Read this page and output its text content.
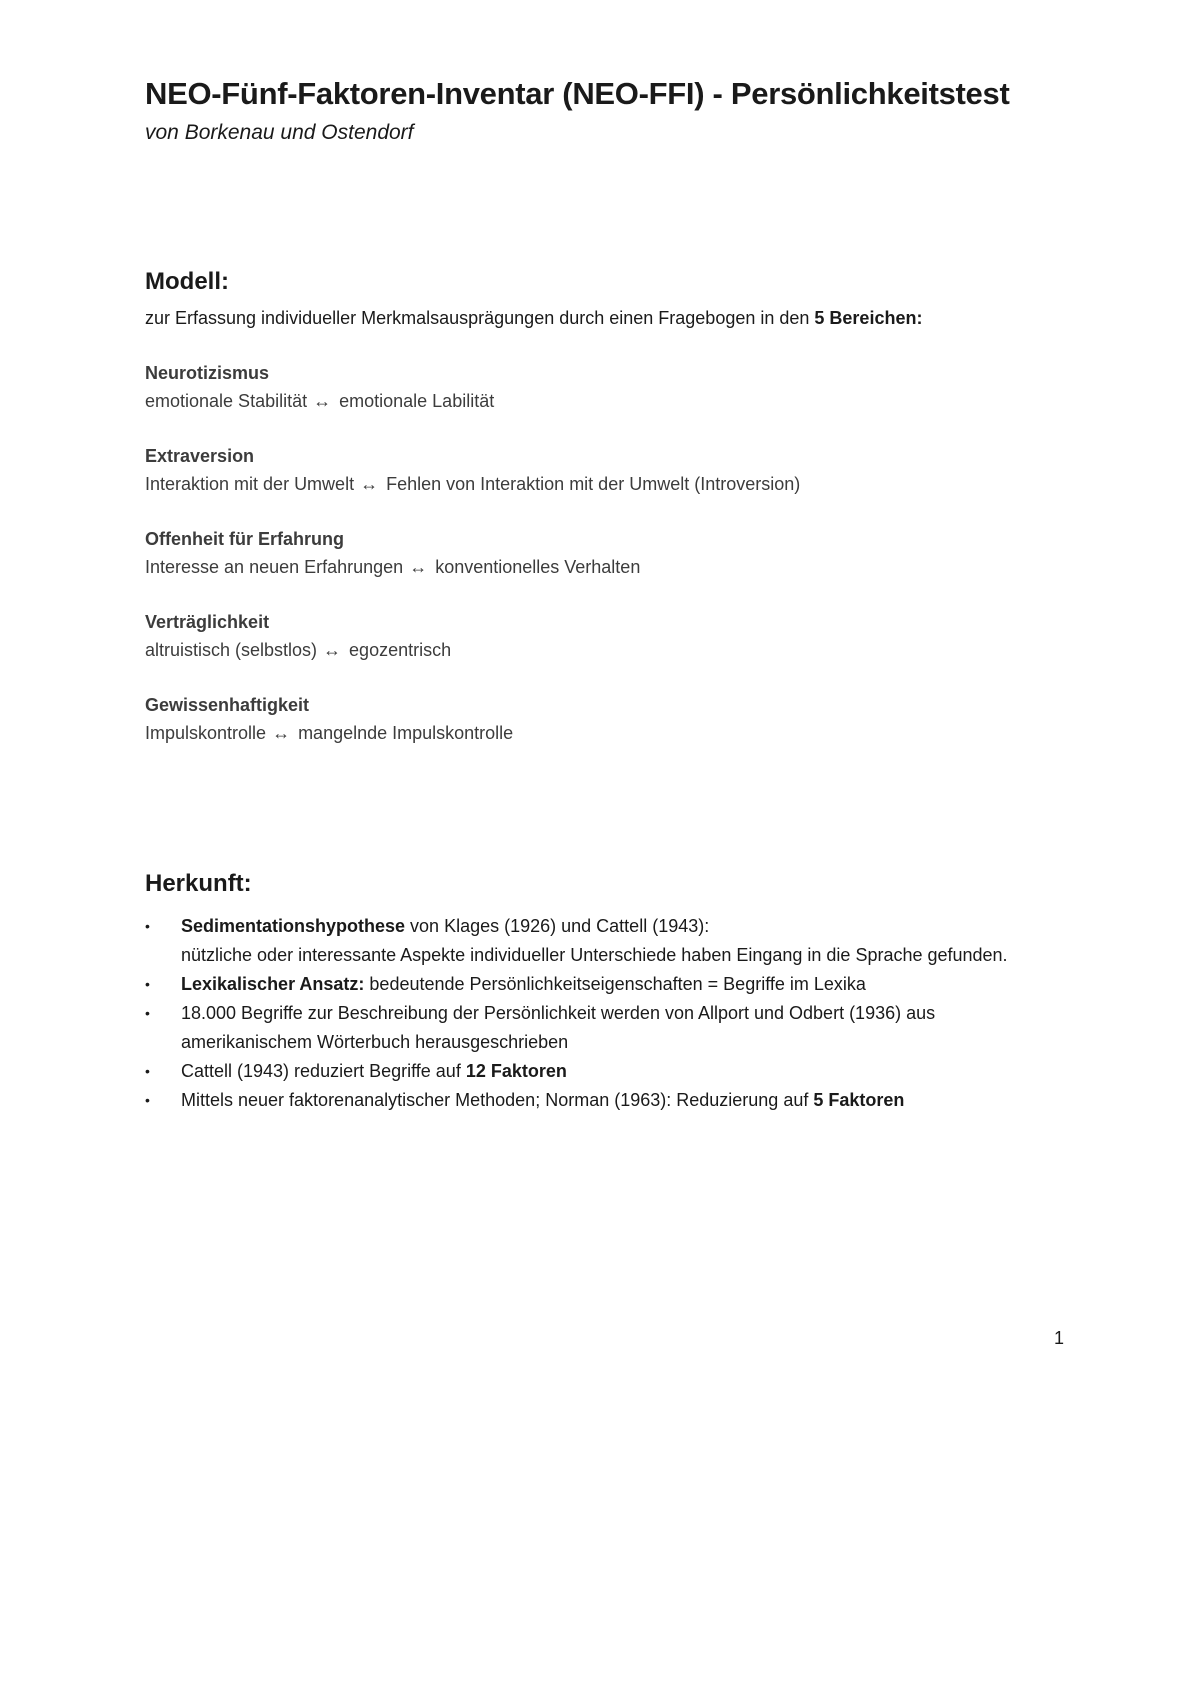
NEO-Fünf-Faktoren-Inventar (NEO-FFI) - Persönlichkeitstest
von Borkenau und Ostendorf
Modell:
zur Erfassung individueller Merkmalsausprägungen durch einen Fragebogen in den 5 Bereichen:
Neurotizismus
emotionale Stabilität ↔ emotionale Labilität
Extraversion
Interaktion mit der Umwelt ↔ Fehlen von Interaktion mit der Umwelt (Introversion)
Offenheit für Erfahrung
Interesse an neuen Erfahrungen ↔ konventionelles Verhalten
Verträglichkeit
altruistisch (selbstlos) ↔ egozentrisch
Gewissenhaftigkeit
Impulskontrolle ↔ mangelnde Impulskontrolle
Herkunft:
• Sedimentationshypothese von Klages (1926) und Cattell (1943):
nützliche oder interessante Aspekte individueller Unterschiede haben Eingang in die Sprache gefunden.
• Lexikalischer Ansatz: bedeutende Persönlichkeitseigenschaften = Begriffe im Lexika
• 18.000 Begriffe zur Beschreibung der Persönlichkeit werden von Allport und Odbert (1936) aus amerikanischem Wörterbuch herausgeschrieben
• Cattell (1943) reduziert Begriffe auf 12 Faktoren
• Mittels neuer faktorenanalytischer Methoden; Norman (1963): Reduzierung auf 5 Faktoren
1
